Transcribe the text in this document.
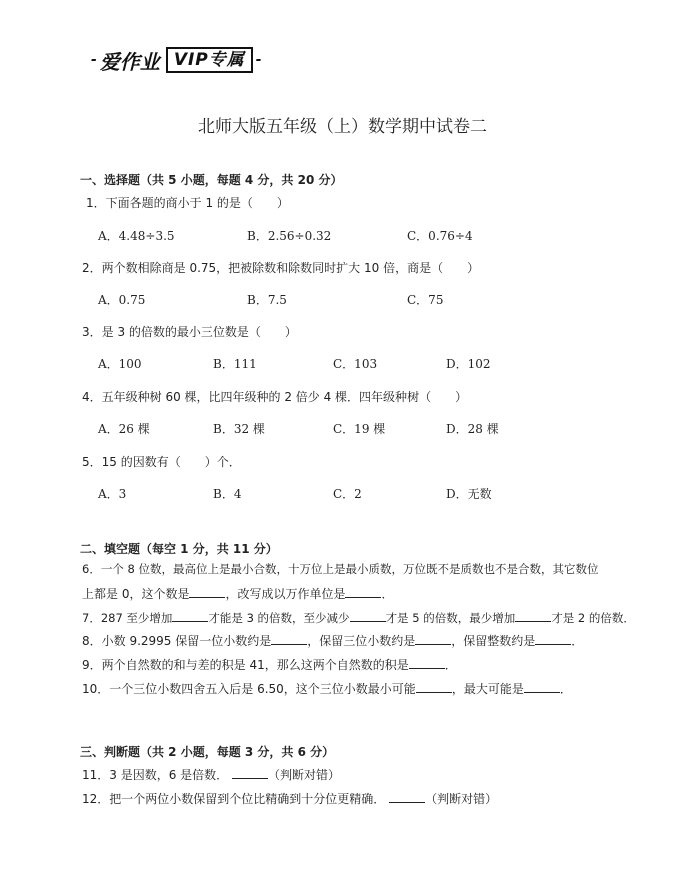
- 爱作业 VIP专属 -
北师大版五年级（上）数学期中试卷二
一、选择题（共 5 小题，每题 4 分，共 20 分）
1．下面各题的商小于 1 的是（　　）
A．4.48÷3.5	B．2.56÷0.32	C．0.76÷4
2．两个数相除商是 0.75，把被除数和除数同时扩大 10 倍，商是（　　）
A．0.75	B．7.5	C．75
3．是 3 的倍数的最小三位数是（　　）
A．100	B．111	C．103	D．102
4．五年级种树 60 棵，比四年级种的 2 倍少 4 棵．四年级种树（　　）
A．26 棵	B．32 棵	C．19 棵	D．28 棵
5．15 的因数有（　　）个．
A．3	B．4	C．2	D．无数
二、填空题（每空 1 分，共 11 分）
6．一个 8 位数，最高位上是最小合数，十万位上是最小质数，万位既不是质数也不是合数，其它数位
上都是 0，这个数是	，改写成以万作单位是	．
7．287 至少增加	才能是 3 的倍数，至少减少	才是 5 的倍数，最少增加	才是 2 的倍数．
8．小数 9.2995 保留一位小数约是	，保留三位小数约是	，保留整数约是	．
9．两个自然数的和与差的积是 41，那么这两个自然数的积是	．
10．一个三位小数四舍五入后是 6.50，这个三位小数最小可能	，最大可能是	．
三、判断题（共 2 小题，每题 3 分，共 6 分）
11．3 是因数，6 是倍数．	（判断对错）
12．把一个两位小数保留到个位比精确到十分位更精确．	（判断对错）
